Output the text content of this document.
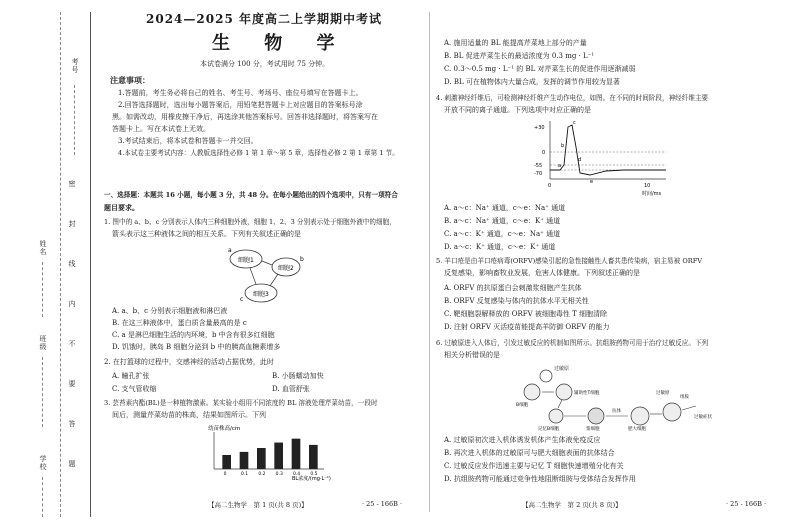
考号
姓名
班级
学校
密
封
线
内
不
要
答
题
2024—2025 年度高二上学期期中考试
生 物 学
本试卷满分 100 分，考试用时 75 分钟。
注意事项：
1.答题前，考生务必将自己的姓名、考生号、考场号、座位号填写在答题卡上。
2.回答选择题时，选出每小题答案后，用铅笔把答题卡上对应题目的答案标号涂
黑。如需改动，用橡皮擦干净后，再选涂其他答案标号。回答非选择题时，将答案写在
答题卡上。写在本试卷上无效。
3.考试结束后，将本试卷和答题卡一并交回。
4.本试卷主要考试内容：人教版选择性必修 1 第 1 章～第 5 章，选择性必修 2 第 1 章第 1 节。
一、选择题：本题共 16 小题，每小题 3 分，共 48 分。在每小题给出的四个选项中，只有一项符合
题目要求。
1. 图中的 a、b、c 分别表示人体内三种细胞外液，细胞 1、2、3 分别表示处于细胞外液中的细胞，
箭头表示这三种液体之间的相互关系。下列有关叙述正确的是
细胞1
细胞2
细胞3
a
b
c
A. a、b、c 分别表示细胞液和淋巴液
B. 在这三种液体中，蛋白质含量最高的是 c
C. a 是淋巴细胞生活的内环境，b 中含有很多红细胞
D. 饥饿时，胰岛 B 细胞分泌到 b 中的胰高血糖素增多
2. 在打篮球的过程中，交感神经的活动占据优势，此时
A. 瞳孔扩张	B. 小肠蠕动加快
C. 支气管收缩	D. 血管舒张
3. 芸苔素内酯(BL)是一种植物激素。某实验小组用不同浓度的 BL 溶液处理芹菜幼苗，一段时
间后，测量芹菜幼苗的株高，结果如图所示。下列
幼苗株高/cm
0	0.1 0.2 0.3 0.4 0.5
BL浓度/(mg·L⁻¹)
【高二生物学　第 1 页(共 8 页)】	· 25 - 166B ·
A. 施用适量的 BL 能提高芹菜地上部分的产量
B. BL 促进芹菜生长的最适浓度为 0.3 mg · L⁻¹
C. 0.3～0.5 mg · L⁻¹ 的 BL 对芹菜生长的促进作用逐渐减弱
D. BL 可在植物体内大量合成，发挥的调节作用较为显著
4. 刺激神经纤维后，可检测神经纤维产生动作电位，如图。在不同的时间阶段，神经纤维主要
开放不同的离子通道。下列选项中对应正确的是
+30
0
-55
-70
a
b
c
d
e
0	10
时间/ms
A. a～c：Na⁺ 通道，c～e：Na⁺ 通道
B. a～c：Na⁺ 通道，c～e：K⁺ 通道
C. a～c：K⁺ 通道，c～e：Na⁺ 通道
D. a～c：K⁺ 通道，c～e：K⁺ 通道
5. 羊口疮是由羊口疮病毒(ORFV)感染引起的急性接触性人畜共患传染病，宿主易被 ORFV
反复感染，影响畜牧业发展，危害人体健康。下列叙述正确的是
A. ORFV 的抗原蛋白会刺激浆细胞产生抗体
B. ORFV 反复感染与体内的抗体水平无相关性
C. 靶细胞裂解释放的 ORFV 被细胞毒性 T 细胞清除
D. 注射 ORFV 灭活疫苗能提高羊防御 ORFV 的能力
6. 过敏原进入人体后，引发过敏反应的机制如图所示。抗组胺药物可用于治疗过敏反应。下列
相关分析错误的是
过敏原
B细胞
辅助性T细胞
记忆B细胞	浆细胞
抗体
肥大细胞
组胺
过敏原
过敏症状
A. 过敏原初次进入机体诱发机体产生体液免疫反应
B. 再次进入机体的过敏原可与肥大细胞表面的抗体结合
C. 过敏反应发作迅速主要与记忆 T 细胞快速增殖分化有关
D. 抗组胺药物可能通过竞争性地阻断组胺与受体结合发挥作用
【高二生物学　第 2 页(共 8 页)】	· 25 - 166B ·
